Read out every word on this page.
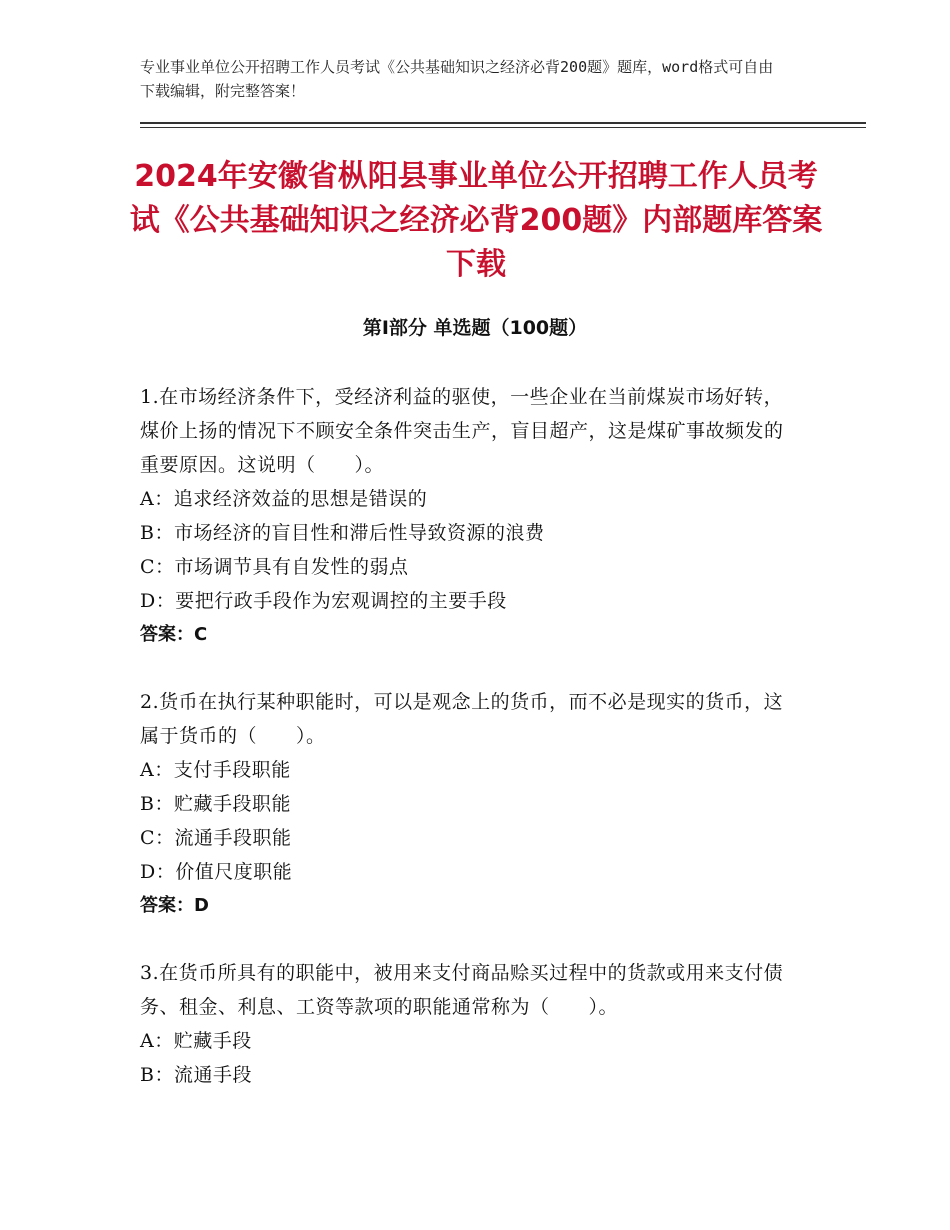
专业事业单位公开招聘工作人员考试《公共基础知识之经济必背200题》题库，word格式可自由下载编辑，附完整答案！
2024年安徽省枞阳县事业单位公开招聘工作人员考试《公共基础知识之经济必背200题》内部题库答案下载
第Ⅰ部分 单选题（100题）
1.在市场经济条件下，受经济利益的驱使，一些企业在当前煤炭市场好转，煤价上扬的情况下不顾安全条件突击生产，盲目超产，这是煤矿事故频发的重要原因。这说明（　　）。
A：追求经济效益的思想是错误的
B：市场经济的盲目性和滞后性导致资源的浪费
C：市场调节具有自发性的弱点
D：要把行政手段作为宏观调控的主要手段
答案：C
2.货币在执行某种职能时，可以是观念上的货币，而不必是现实的货币，这属于货币的（　　）。
A：支付手段职能
B：贮藏手段职能
C：流通手段职能
D：价值尺度职能
答案：D
3.在货币所具有的职能中，被用来支付商品赊买过程中的货款或用来支付债务、租金、利息、工资等款项的职能通常称为（　　）。
A：贮藏手段
B：流通手段
